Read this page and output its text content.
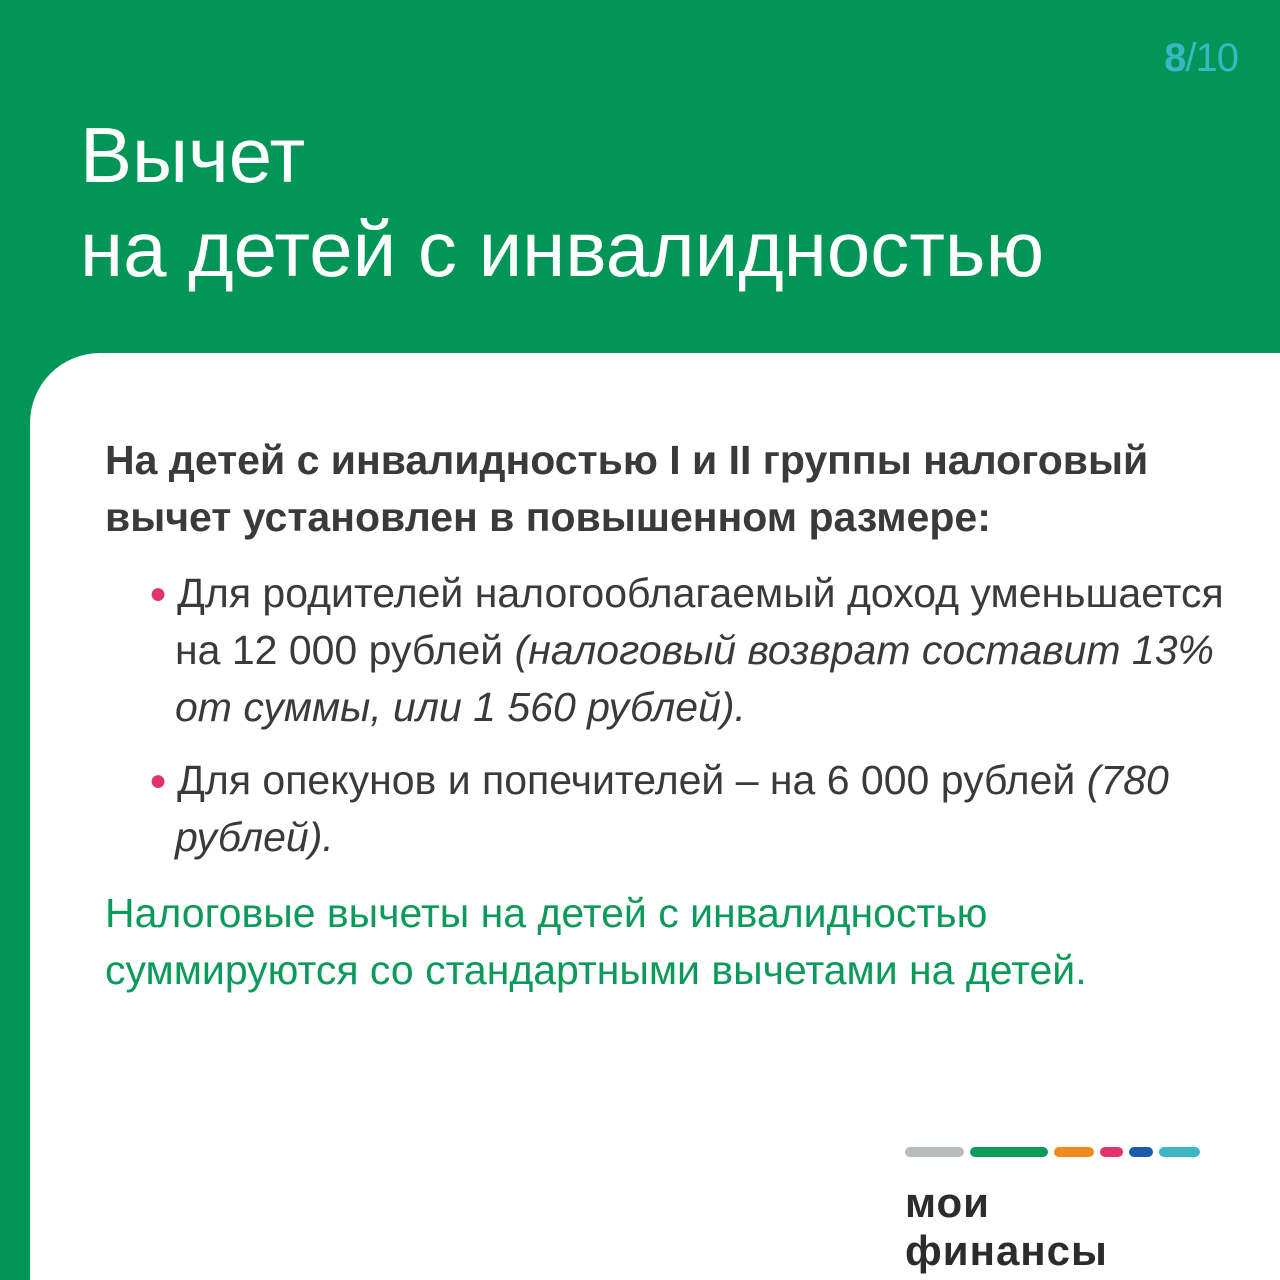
8/10
Вычет
на детей с инвалидностью

На детей с инвалидностью I и II группы налоговый вычет установлен в повышенном размере:

● Для родителей налогооблагаемый доход уменьшается на 12 000 рублей (налоговый возврат составит 13% от суммы, или 1 560 рублей).

● Для опекунов и попечителей – на 6 000 рублей (780 рублей).

Налоговые вычеты на детей с инвалидностью суммируются со стандартными вычетами на детей.

мои финансы
